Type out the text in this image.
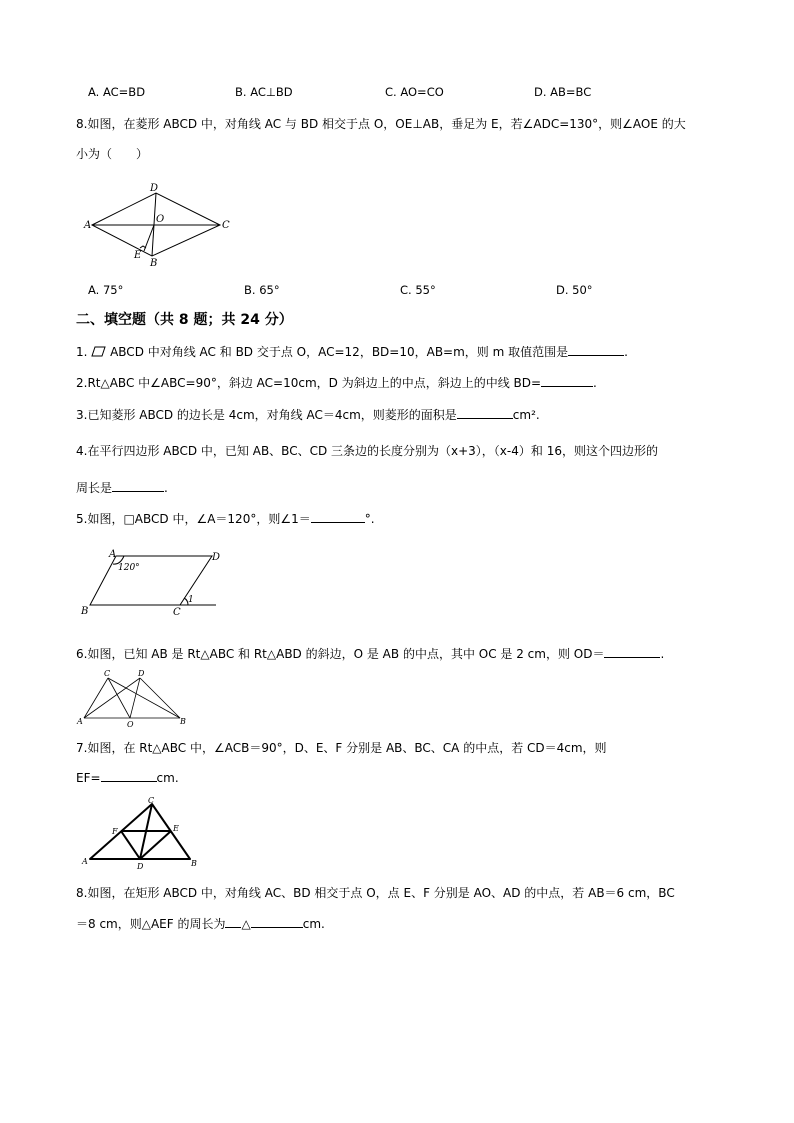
A. AC=BD	B. AC⊥BD	C. AO=CO	D. AB=BC
8.如图，在菱形 ABCD 中，对角线 AC 与 BD 相交于点 O，OE⊥AB，垂足为 E，若∠ADC=130°，则∠AOE 的大
小为（　　）
A
D
O
C
E
B
A. 75°	B. 65°	C. 55°	D. 50°
二、填空题（共 8 题；共 24 分）
1.  ABCD 中对角线 AC 和 BD 交于点 O，AC=12，BD=10，AB=m，则 m 取值范围是	.
2.Rt△ABC 中∠ABC=90°，斜边 AC=10cm，D 为斜边上的中点，斜边上的中线 BD=	.
3.已知菱形 ABCD 的边长是 4cm，对角线 AC＝4cm，则菱形的面积是	cm².
4.在平行四边形 ABCD 中，已知 AB、BC、CD 三条边的长度分别为（x+3），（x-4）和 16，则这个四边形的
周长是	.
5.如图，□ABCD 中，∠A＝120°，则∠1＝	°.
A	D
B	C
120°
1
6.如图，已知 AB 是 Rt△ABC 和 Rt△ABD 的斜边，O 是 AB 的中点，其中 OC 是 2 cm，则 OD＝	.
C	D
A	O	B
7.如图，在 Rt△ABC 中，∠ACB＝90°，D、E、F 分别是 AB、BC、CA 的中点，若 CD＝4cm，则
EF=	cm.
C
F	E
A
D	B
8.如图，在矩形 ABCD 中，对角线 AC、BD 相交于点 O，点 E、F 分别是 AO、AD 的中点，若 AB＝6 cm，BC
＝8 cm，则△AEF 的周长为 △	cm.
